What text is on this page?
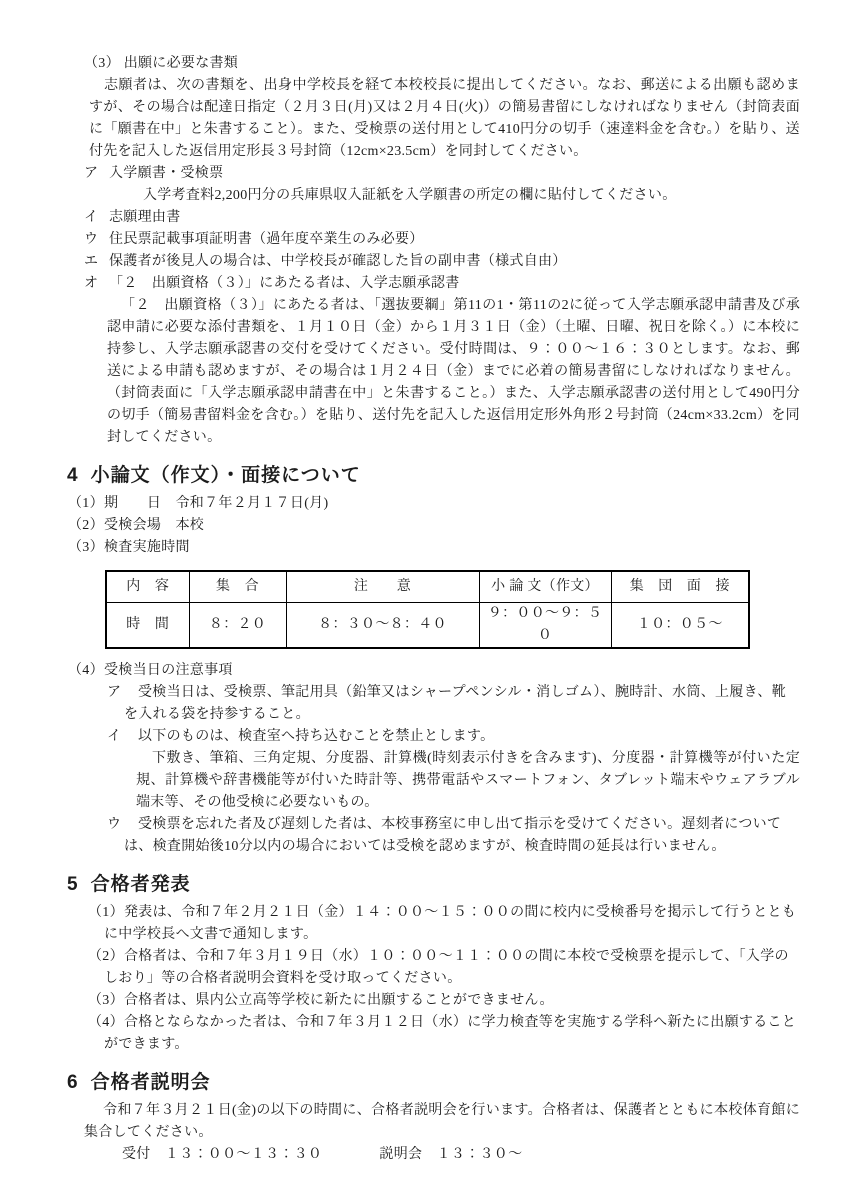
（3） 出願に必要な書類

志願者は、次の書類を、出身中学校長を経て本校校長に提出してください。なお、郵送による出願も認めますが、その場合は配達日指定（２月３日(月)又は２月４日(火)）の簡易書留にしなければなりません（封筒表面に「願書在中」と朱書すること）。また、受検票の送付用として410円分の切手（速達料金を含む。）を貼り、送付先を記入した返信用定形長３号封筒（12cm×23.5cm）を同封してください。

ア 入学願書・受検票

入学考査料2,200円分の兵庫県収入証紙を入学願書の所定の欄に貼付してください。

イ 志願理由書
ウ 住民票記載事項証明書（過年度卒業生のみ必要）
エ 保護者が後見人の場合は、中学校長が確認した旨の副申書（様式自由）
オ 「２　出願資格（３）」にあたる者は、入学志願承認書

「２　出願資格（３）」にあたる者は、「選抜要綱」第11の1・第11の2に従って入学志願承認申請書及び承認申請に必要な添付書類を、１月１０日（金）から１月３１日（金）（土曜、日曜、祝日を除く。）に本校に持参し、入学志願承認書の交付を受けてください。受付時間は、９：００～１６：３０とします。なお、郵送による申請も認めますが、その場合は１月２４日（金）までに必着の簡易書留にしなければなりません。（封筒表面に「入学志願承認申請書在中」と朱書すること。）また、入学志願承認書の送付用として490円分の切手（簡易書留料金を含む。）を貼り、送付先を記入した返信用定形外角形２号封筒（24cm×33.2cm）を同封してください。

4 小論文（作文）・面接について
（1）期　　日　令和７年２月１７日(月)
（2）受検会場　本校
（3）検査実施時間
内　容	集　合	注　　意	小 論 文（作文）	集　団　面　接
時　間	８：２０	８：３０～８：４０	９：００～９：５０	１０：０５～
（4）受検当日の注意事項
ア 受検当日は、受検票、筆記用具（鉛筆又はシャープペンシル・消しゴム）、腕時計、水筒、上履き、靴を入れる袋を持参すること。
イ 以下のものは、検査室へ持ち込むことを禁止とします。

下敷き、筆箱、三角定規、分度器、計算機(時刻表示付きを含みます)、分度器・計算機等が付いた定規、計算機や辞書機能等が付いた時計等、携帯電話やスマートフォン、タブレット端末やウェアラブル端末等、その他受検に必要ないもの。

ウ 受検票を忘れた者及び遅刻した者は、本校事務室に申し出て指示を受けてください。遅刻者については、検査開始後10分以内の場合においては受検を認めますが、検査時間の延長は行いません。
5 合格者発表
（1）発表は、令和７年２月２１日（金）１４：００～１５：００の間に校内に受検番号を掲示して行うとともに中学校長へ文書で通知します。
（2）合格者は、令和７年３月１９日（水）１０：００～１１：００の間に本校で受検票を提示して、「入学のしおり」等の合格者説明会資料を受け取ってください。
（3）合格者は、県内公立高等学校に新たに出願することができません。
（4）合格とならなかった者は、令和７年３月１２日（水）に学力検査等を実施する学科へ新たに出願することができます。
6 合格者説明会

令和７年３月２１日(金)の以下の時間に、合格者説明会を行います。合格者は、保護者とともに本校体育館に集合してください。

受付　１３：００～１３：３０　　　　説明会　１３：３０～
